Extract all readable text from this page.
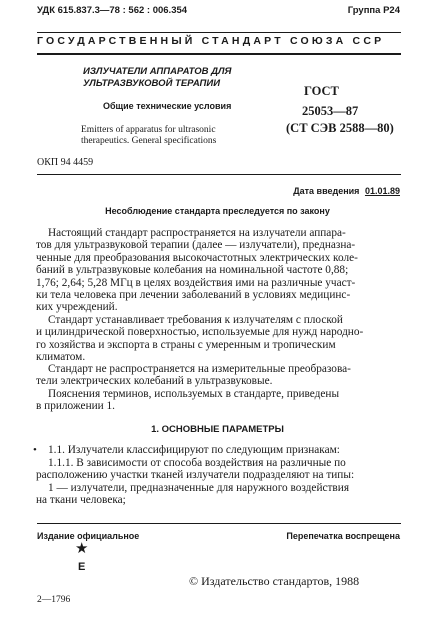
УДК 615.837.3—78 : 562 : 006.354	Группа Р24
ГОСУДАРСТВЕННЫЙ СТАНДАРТ СОЮЗА ССР
ИЗЛУЧАТЕЛИ АППАРАТОВ ДЛЯ
УЛЬТРАЗВУКОВОЙ ТЕРАПИИ
Общие технические условия
Emitters of apparatus for ultrasonic
therapeutics. General specifications
ГОСТ
25053—87
(СТ СЭВ 2588—80)
ОКП 94 4459
Дата введения 01.01.89
Несоблюдение стандарта преследуется по закону
Настоящий стандарт распространяется на излучатели аппара-
тов для ультразвуковой терапии (далее — излучатели), предназна-
ченные для преобразования высокочастотных электрических коле-
баний в ультразвуковые колебания на номинальной частоте 0,88;
1,76; 2,64; 5,28 МГц в целях воздействия ими на различные участ-
ки тела человека при лечении заболеваний в условиях медицинс-
ких учреждений.
Стандарт устанавливает требования к излучателям с плоской
и цилиндрической поверхностью, используемые для нужд народно-
го хозяйства и экспорта в страны с умеренным и тропическим
климатом.
Стандарт не распространяется на измерительные преобразова-
тели электрических колебаний в ультразвуковые.
Пояснения терминов, используемых в стандарте, приведены
в приложении 1.
1. ОСНОВНЫЕ ПАРАМЕТРЫ
• 1.1. Излучатели классифицируют по следующим признакам:
1.1.1. В зависимости от способа воздействия на различные по
расположению участки тканей излучатели подразделяют на типы:
1 — излучатели, предназначенные для наружного воздействия
на ткани человека;
Издание официальное	Перепечатка воспрещена
★
E
© Издательство стандартов, 1988
2—1796
